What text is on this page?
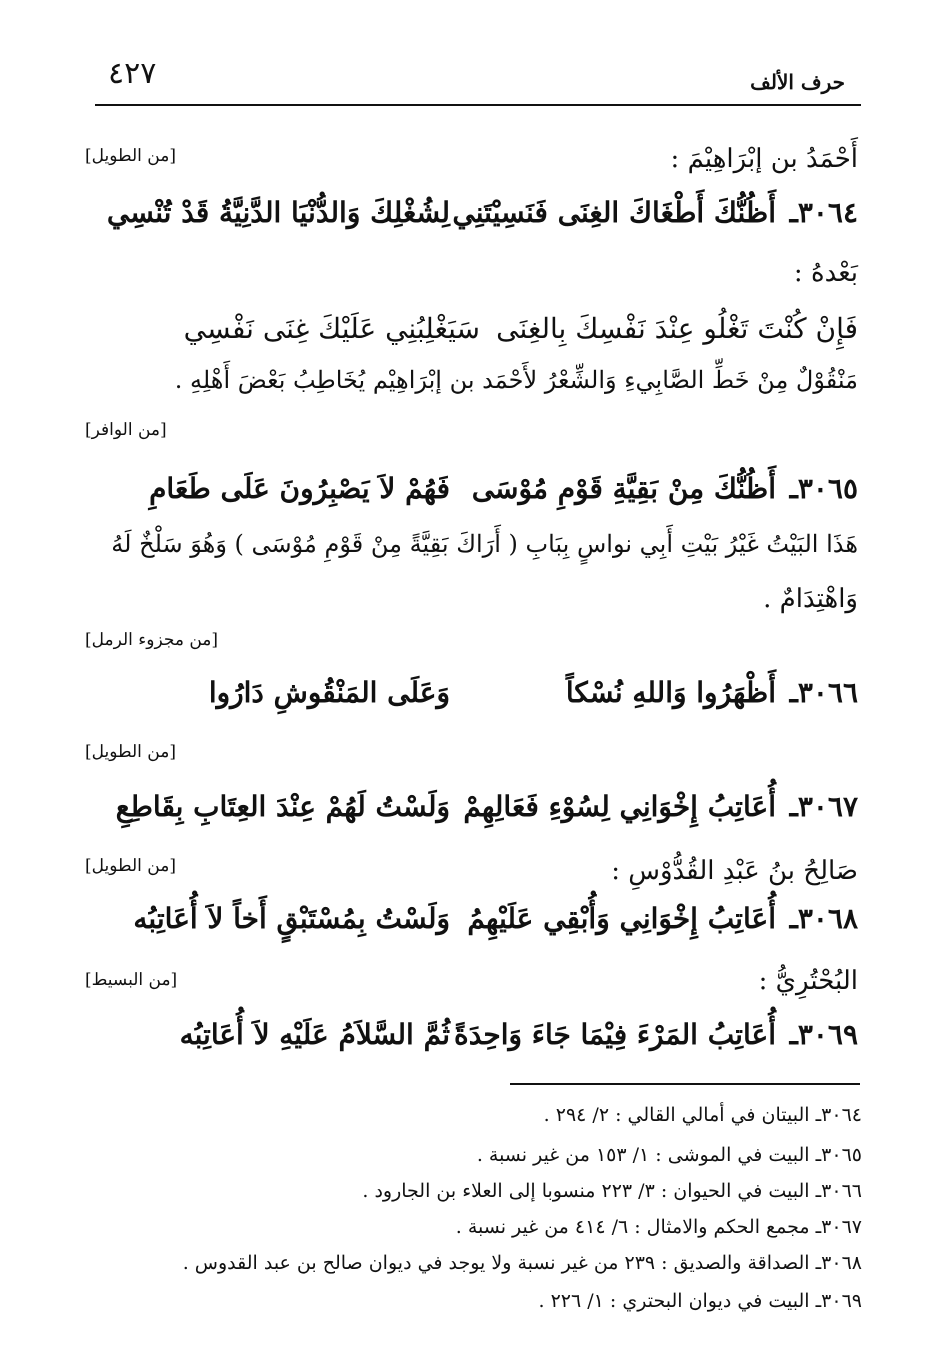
٤٢٧	حرف الألف
[من الطويل]	أَحْمَدُ بن إبْرَاهِيْمَ :
٣٠٦٤ـ
أَظُنُّكَ أَطْغَاكَ الغِنَى فَنَسِيْتَنِي
لِشُغْلِكَ وَالدُّنْيَا الدَّنِيَّةُ قَدْ تُنْسِي
بَعْدهُ :
فَإِنْ كُنْتَ تَغْلُو عِنْدَ نَفْسِكَ بِالغِنَى
سَيَغْلِبُنِي عَلَيْكَ غِنَى نَفْسِي
مَنْقُوْلٌ مِنْ خَطِّ الصَّابِيءِ وَالشِّعْرُ لأَحْمَد بن إبْرَاهِيْم يُخَاطِبُ بَعْضَ أَهْلِهِ .
[من الوافر]
٣٠٦٥ـ
أَظُنُّكَ مِنْ بَقِيَّةِ قَوْمِ مُوْسَى
فَهُمْ لاَ يَصْبِرُونَ عَلَى طَعَامِ
هَذَا البَيْتُ غَيْرُ بَيْتِ أَبِي نواسٍ بِبَابِ ( أَرَاكَ بَقِيَّةً مِنْ قَوْمِ مُوْسَى ) وَهُوَ سَلْخٌ لَهُ
وَاهْتِدَامٌ .
[من مجزوء الرمل]
٣٠٦٦ـ
أَظْهَرُوا وَاللهِ نُسْكاً
وَعَلَى المَنْقُوشِ دَارُوا
[من الطويل]
٣٠٦٧ـ
أُعَاتِبُ إِخْوَانِي لِسُوْءِ فَعَالِهِمْ
وَلَسْتُ لَهُمْ عِنْدَ العِتَابِ بِقَاطِعِ
[من الطويل]	صَالِحُ بنُ عَبْدِ القُدُّوْسِ :
٣٠٦٨ـ
أُعَاتِبُ إِخْوَانِي وَأُبْقِي عَلَيْهِمُ
وَلَسْتُ بِمُسْتَبْقٍ أَخاً لاَ أُعَاتِبُه
[من البسيط]	البُحْتُرِيُّ :
٣٠٦٩ـ
أُعَاتِبُ المَرْءَ فِيْمَا جَاءَ وَاحِدَةً
ثُمَّ السَّلاَمُ عَلَيْهِ لاَ أُعَاتِبُه
٣٠٦٤ـ البيتان في أمالي القالي : ٢/ ٢٩٤ .
٣٠٦٥ـ البيت في الموشى : ١/ ١٥٣ من غير نسبة .
٣٠٦٦ـ البيت في الحيوان : ٣/ ٢٢٣ منسوبا إلى العلاء بن الجارود .
٣٠٦٧ـ مجمع الحكم والامثال : ٦/ ٤١٤ من غير نسبة .
٣٠٦٨ـ الصداقة والصديق : ٢٣٩ من غير نسبة ولا يوجد في ديوان صالح بن عبد القدوس .
٣٠٦٩ـ البيت في ديوان البحتري : ١/ ٢٢٦ .
